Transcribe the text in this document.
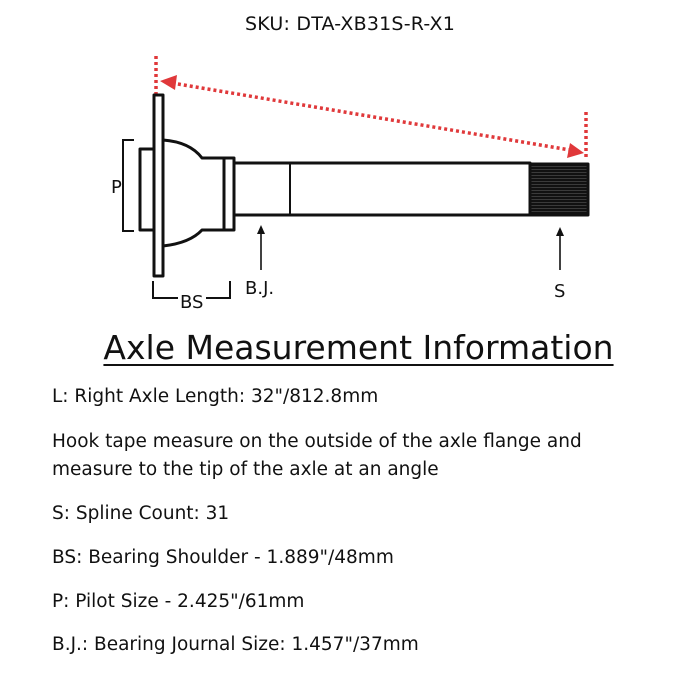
SKU: DTA-XB31S-R-X1
P
BS
B.J.	S
Axle Measurement Information
L: Right Axle Length: 32"/812.8mm
Hook tape measure on the outside of the axle flange and
measure to the tip of the axle at an angle
S: Spline Count: 31
BS: Bearing Shoulder - 1.889"/48mm
P: Pilot Size - 2.425"/61mm
B.J.: Bearing Journal Size: 1.457"/37mm
